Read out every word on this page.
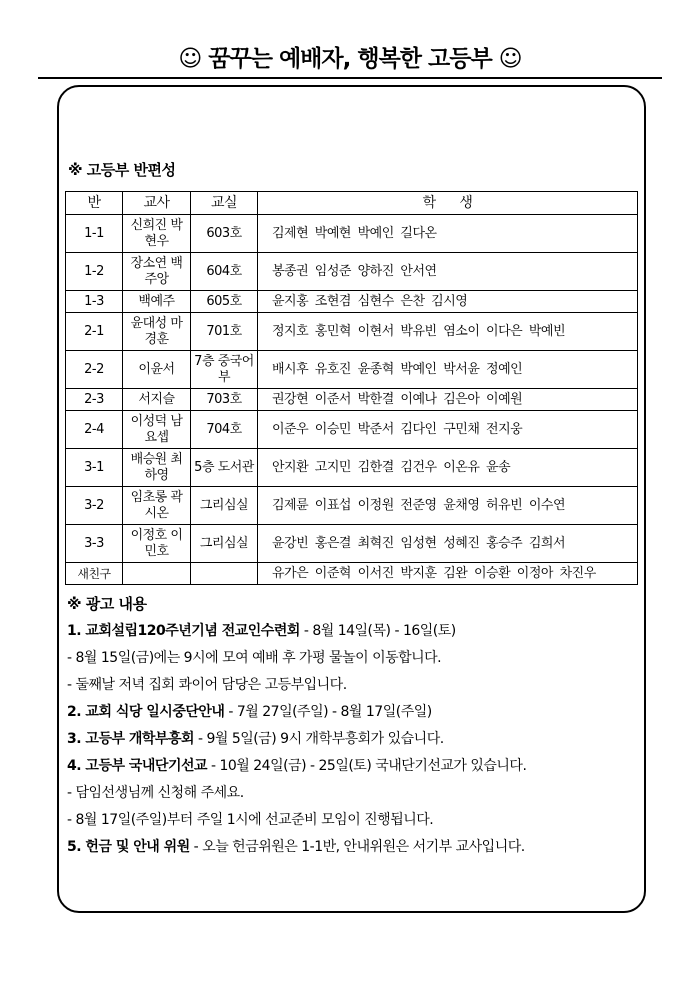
☺ 꿈꾸는 예배자, 행복한 고등부 ☺
※ 고등부 반편성
반	교사	교실	학      생
1-1	신희진 박현우	603호	김제현 박예현 박예인 길다온
1-2	장소연 백주앙	604호	봉종권 임성준 양하진 안서연
1-3	백예주	605호	윤지홍 조현겸 심현수 은찬 김시영
2-1	윤대성 마경훈	701호	정지호 홍민혁 이현서 박유빈 염소이 이다은 박예빈
2-2	이윤서	7층 중국어부	배시후 유호진 윤종혁 박예인 박서윤 정예인
2-3	서지슬	703호	권강현 이준서 박한결 이예나 김은아 이예원
2-4	이성덕 남요셉	704호	이준우 이승민 박준서 김다인 구민채 전지웅
3-1	배승원 최하영	5층 도서관	안지환 고지민 김한결 김건우 이온유 윤송
3-2	임초롱 곽시온	그리심실	김제륜 이표섭 이정원 전준영 윤채영 허유빈 이수연
3-3	이정호 이민호	그리심실	윤강빈 홍은결 최혁진 임성현 성혜진 홍승주 김희서
새친구			유가은 이준혁 이서진 박지훈 김완 이승환 이정아 차진우
※ 광고 내용
1. 교회설립120주년기념 전교인수련회 - 8월 14일(목) - 16일(토)
- 8월 15일(금)에는 9시에 모여 예배 후 가평 물놀이 이동합니다.
- 둘째날 저녁 집회 콰이어 담당은 고등부입니다.
2. 교회 식당 일시중단안내 - 7월 27일(주일) - 8월 17일(주일)
3. 고등부 개학부흥회 - 9월 5일(금) 9시 개학부흥회가 있습니다.
4. 고등부 국내단기선교 - 10월 24일(금) - 25일(토) 국내단기선교가 있습니다.
- 담임선생님께 신청해 주세요.
- 8월 17일(주일)부터 주일 1시에 선교준비 모임이 진행됩니다.
5. 헌금 및 안내 위원 - 오늘 헌금위원은 1-1반, 안내위원은 서기부 교사입니다.
